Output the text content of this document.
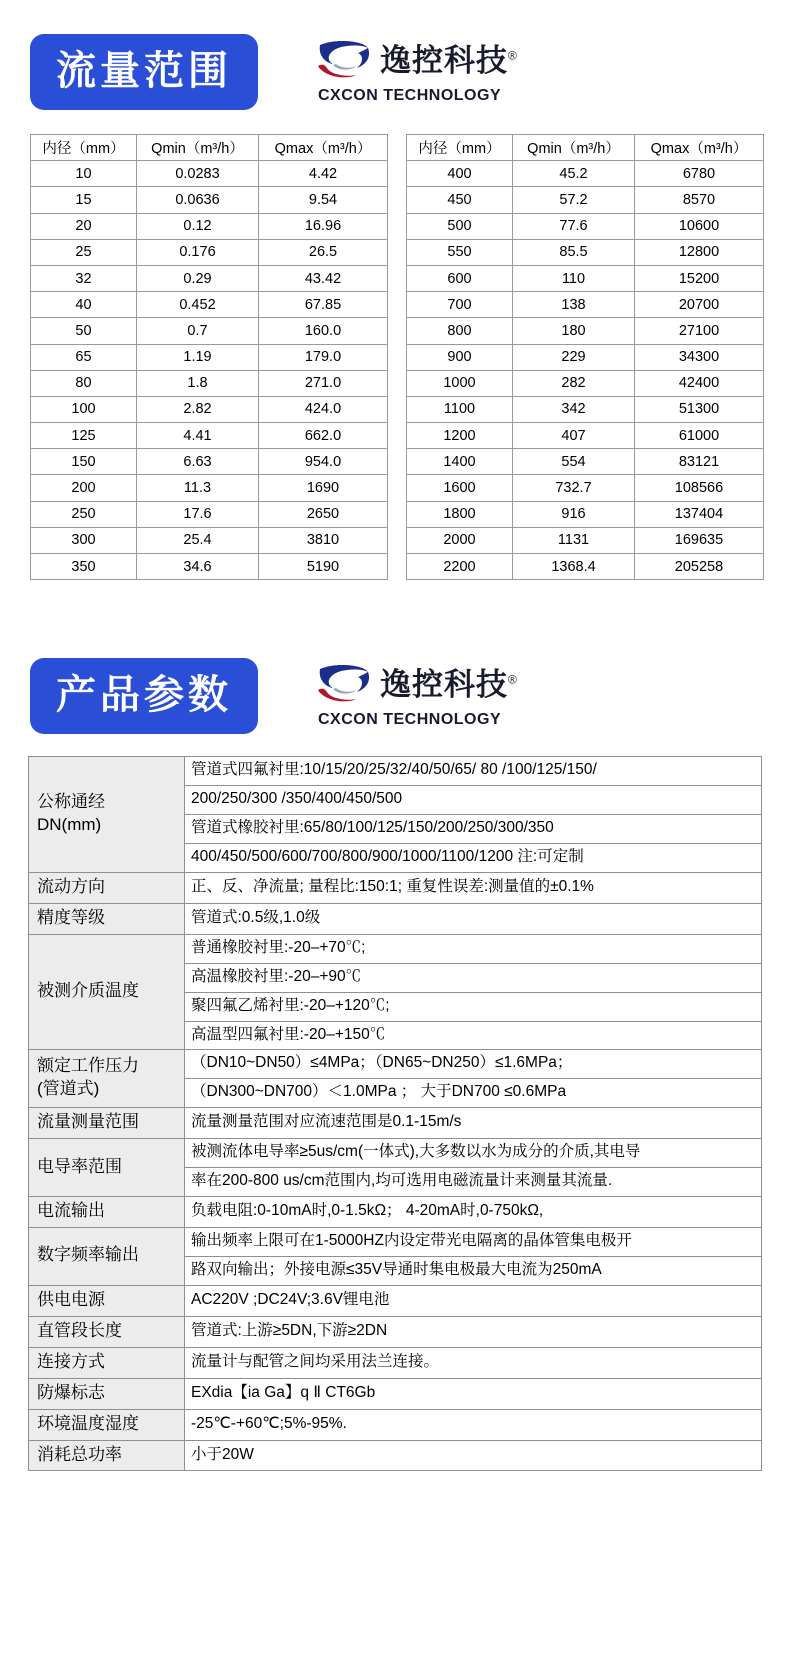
流量范围	逸控科技®
CXCON TECHNOLOGY
内径（mm）	Qmin（m³/h）	Qmax（m³/h）
10	0.0283	4.42
15	0.0636	9.54
20	0.12	16.96
25	0.176	26.5
32	0.29	43.42
40	0.452	67.85
50	0.7	160.0
65	1.19	179.0
80	1.8	271.0
100	2.82	424.0
125	4.41	662.0
150	6.63	954.0
200	11.3	1690
250	17.6	2650
300	25.4	3810
350	34.6	5190
内径（mm）	Qmin（m³/h）	Qmax（m³/h）
400	45.2	6780
450	57.2	8570
500	77.6	10600
550	85.5	12800
600	110	15200
700	138	20700
800	180	27100
900	229	34300
1000	282	42400
1100	342	51300
1200	407	61000
1400	554	83121
1600	732.7	108566
1800	916	137404
2000	1131	169635
2200	1368.4	205258
产品参数	逸控科技®
CXCON TECHNOLOGY
公称通经
DN(mm)	管道式四氟衬里:10/15/20/25/32/40/50/65/ 80 /100/125/150/
	200/250/300 /350/400/450/500
	管道式橡胶衬里:65/80/100/125/150/200/250/300/350
	400/450/500/600/700/800/900/1000/1100/1200 注:可定制
流动方向	正、反、净流量; 量程比:150:1; 重复性误差:测量值的±0.1%
精度等级	管道式:0.5级,1.0级
被测介质温度	普通橡胶衬里:-20–+70℃;
	高温橡胶衬里:-20–+90℃
	聚四氟乙烯衬里:-20–+120℃;
	高温型四氟衬里:-20–+150℃

额定工作压力
(管道式)	（DN10~DN50）≤4MPa；（DN65~DN250）≤1.6MPa；
	（DN300~DN700）＜1.0MPa ； 大于DN700 ≤0.6MPa
流量测量范围	流量测量范围对应流速范围是0.1-15m/s
电导率范围	被测流体电导率≥5us/cm(一体式),大多数以水为成分的介质,其电导
	率在200-800 us/cm范围内,均可选用电磁流量计来测量其流量.
电流输出	负载电阻:0-10mA时,0-1.5kΩ； 4-20mA时,0-750kΩ,
数字频率输出	输出频率上限可在1-5000HZ内设定带光电隔离的晶体管集电极开
	路双向输出；外接电源≤35V导通时集电极最大电流为250mA
供电电源	AC220V ;DC24V;3.6V锂电池
直管段长度	管道式:上游≥5DN,下游≥2DN
连接方式	流量计与配管之间均采用法兰连接。
防爆标志	EXdia【ia Ga】q Ⅱ CT6Gb
环境温度湿度	-25℃-+60℃;5%-95%.
消耗总功率	小于20W
